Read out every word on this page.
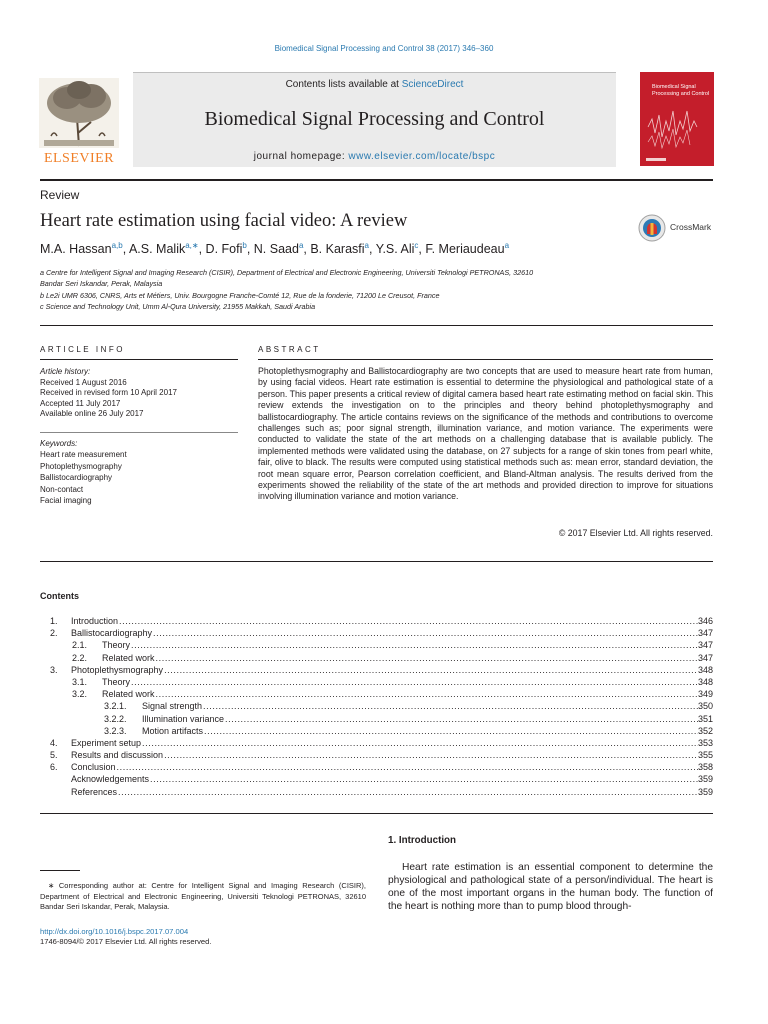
Biomedical Signal Processing and Control 38 (2017) 346–360
ELSEVIER
Contents lists available at ScienceDirect
Biomedical Signal Processing and Control
journal homepage: www.elsevier.com/locate/bspc
Biomedical Signal Processing and Control
Review
Heart rate estimation using facial video: A review	CrossMark
M.A. Hassan$^{a,b}$, A.S. Malik$^{a,∗}$, D. Fofi$^b$, N. Saad$^a$, B. Karasfi$^a$, Y.S. Ali$^c$, F. Meriaudeau$^a$
a Centre for Intelligent Signal and Imaging Research (CISIR), Department of Electrical and Electronic Engineering, Universiti Teknologi PETRONAS, 32610
Bandar Seri Iskandar, Perak, Malaysia
b Le2i UMR 6306, CNRS, Arts et Métiers, Univ. Bourgogne Franche-Comté 12, Rue de la fonderie, 71200 Le Creusot, France
c Science and Technology Unit, Umm Al-Qura University, 21955 Makkah, Saudi Arabia
ARTICLE INFO	ABSTRACT
Article history:
Received 1 August 2016
Received in revised form 10 April 2017
Accepted 11 July 2017
Available online 26 July 2017
Keywords:
Heart rate measurement
Photoplethysmography
Ballistocardiography
Non-contact
Facial imaging
Photoplethysmography and Ballistocardiography are two concepts that are used to measure heart rate from human, by using facial videos. Heart rate estimation is essential to determine the physiological and pathological state of a person. This paper presents a critical review of digital camera based heart rate estimating method on facial skin. This review extends the investigation on to the principles and theory behind photoplethysmography and ballistocardiography. The article contains reviews on the significance of the methods and contributions to overcome challenges such as; poor signal strength, illumination variance, and motion variance. The experiments were conducted to validate the state of the art methods on a challenging database that is available publicly. The implemented methods were validated using the database, on 27 subjects for a range of skin tones from pearl white, fair, olive to black. The results were computed using statistical methods such as: mean error, standard deviation, the root mean square error, Pearson correlation coefficient, and Bland-Altman analysis. The results derived from the experiments showed the reliability of the state of the art methods and provided direction to improve for situations involving illumination variance and motion variance.
© 2017 Elsevier Ltd. All rights reserved.
Contents
1. Introduction .....	346
2. Ballistocardiography .....	347
2.1. Theory .....	347
2.2. Related work .....	347
3. Photoplethysmography .....	348
3.1. Theory .....	348
3.2. Related work .....	349
3.2.1. Signal strength .....	350
3.2.2. Illumination variance .....	351
3.2.3. Motion artifacts .....	352
4. Experiment setup .....	353
5. Results and discussion .....	355
6. Conclusion .....	358
Acknowledgements .....	359
References .....	359
1. Introduction
Heart rate estimation is an essential component to determine the physiological and pathological state of a person/individual. The heart is one of the most important organs in the human body. The function of the heart is nothing more than to pump blood through-
∗ Corresponding author at: Centre for Intelligent Signal and Imaging Research (CISIR), Department of Electrical and Electronic Engineering, Universiti Teknologi PETRONAS, 32610 Bandar Seri Iskandar, Perak, Malaysia.
http://dx.doi.org/10.1016/j.bspc.2017.07.004
1746-8094/© 2017 Elsevier Ltd. All rights reserved.
